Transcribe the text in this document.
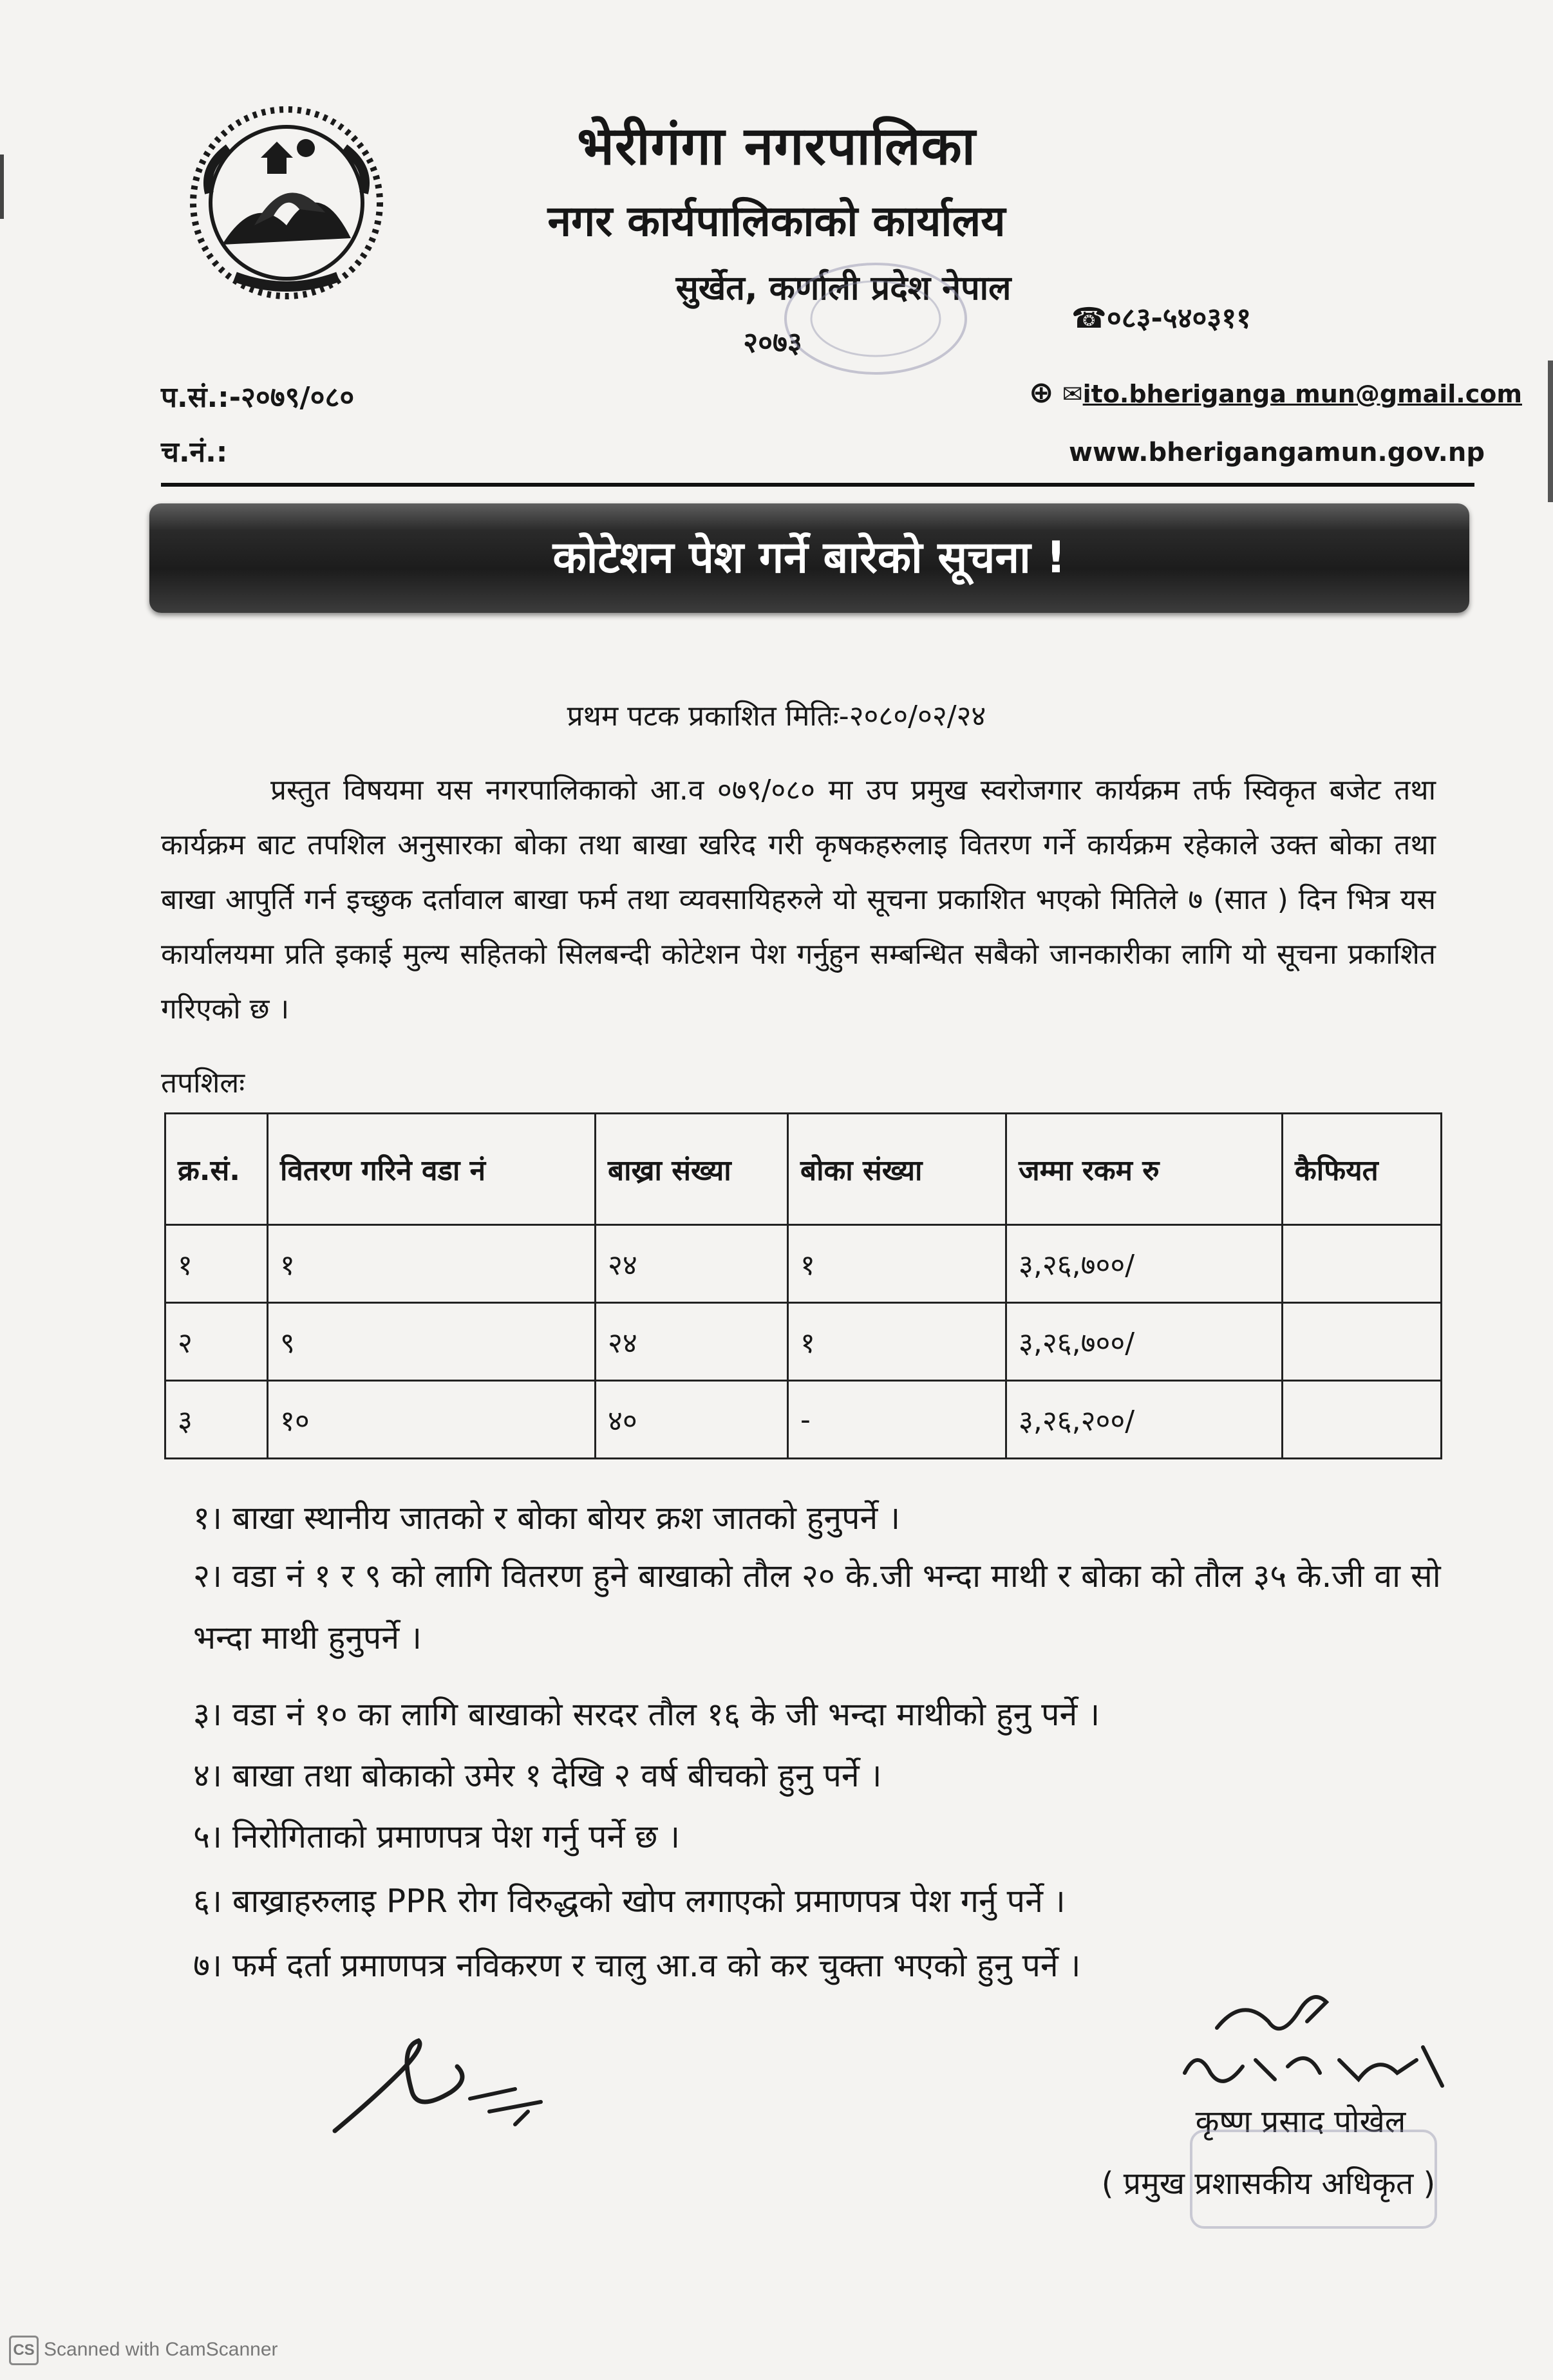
भेरीगंगा नगरपालिका
नगर कार्यपालिकाको कार्यालय
सुर्खेत, कर्णाली प्रदेश नेपाल
२०७३
☎०८३-५४०३११
⊕ ✉ito.bheriganga mun@gmail.com
www.bherigangamun.gov.np
प.सं.:-२०७९/०८०
च.नं.:
कोटेशन पेश गर्ने बारेको सूचना !
प्रथम पटक प्रकाशित मितिः-२०८०/०२/२४

प्रस्तुत विषयमा यस नगरपालिकाको आ.व ०७९/०८० मा उप प्रमुख स्वरोजगार कार्यक्रम तर्फ स्विकृत बजेट तथा कार्यक्रम बाट तपशिल अनुसारका बोका तथा बाखा खरिद गरी कृषकहरुलाइ वितरण गर्ने कार्यक्रम रहेकाले उक्त बोका तथा बाखा आपुर्ति गर्न इच्छुक दर्तावाल बाखा फर्म तथा व्यवसायिहरुले यो सूचना प्रकाशित भएको मितिले ७ (सात ) दिन भित्र यस कार्यालयमा प्रति इकाई मुल्य सहितको सिलबन्दी कोटेशन पेश गर्नुहुन सम्बन्धित सबैको जानकारीका लागि यो सूचना प्रकाशित गरिएको छ ।

तपशिलः
क्र.सं.	वितरण गरिने वडा नं	बाख्रा संख्या	बोका संख्या	जम्मा रकम रु	कैफियत
१	१	२४	१	३,२६,७००/	
२	९	२४	१	३,२६,७००/	
३	१०	४०	-	३,२६,२००/	

१। बाखा स्थानीय जातको र बोका बोयर क्रश जातको हुनुपर्ने ।

२। वडा नं १ र ९ को लागि वितरण हुने बाखाको तौल २० के.जी भन्दा माथी र बोका को तौल ३५ के.जी वा सो भन्दा माथी हुनुपर्ने ।

३। वडा नं १० का लागि बाखाको सरदर तौल १६ के जी भन्दा माथीको हुनु पर्ने ।

४। बाखा तथा बोकाको उमेर १ देखि २ वर्ष बीचको हुनु पर्ने ।

५। निरोगिताको प्रमाणपत्र पेश गर्नु पर्ने छ ।

६। बाख्राहरुलाइ PPR रोग विरुद्धको खोप लगाएको प्रमाणपत्र पेश गर्नु पर्ने ।

७। फर्म दर्ता प्रमाणपत्र नविकरण र चालु आ.व को कर चुक्ता भएको हुनु पर्ने ।

कृष्ण प्रसाद पोखेल
( प्रमुख प्रशासकीय अधिकृत )
CS Scanned with CamScanner
